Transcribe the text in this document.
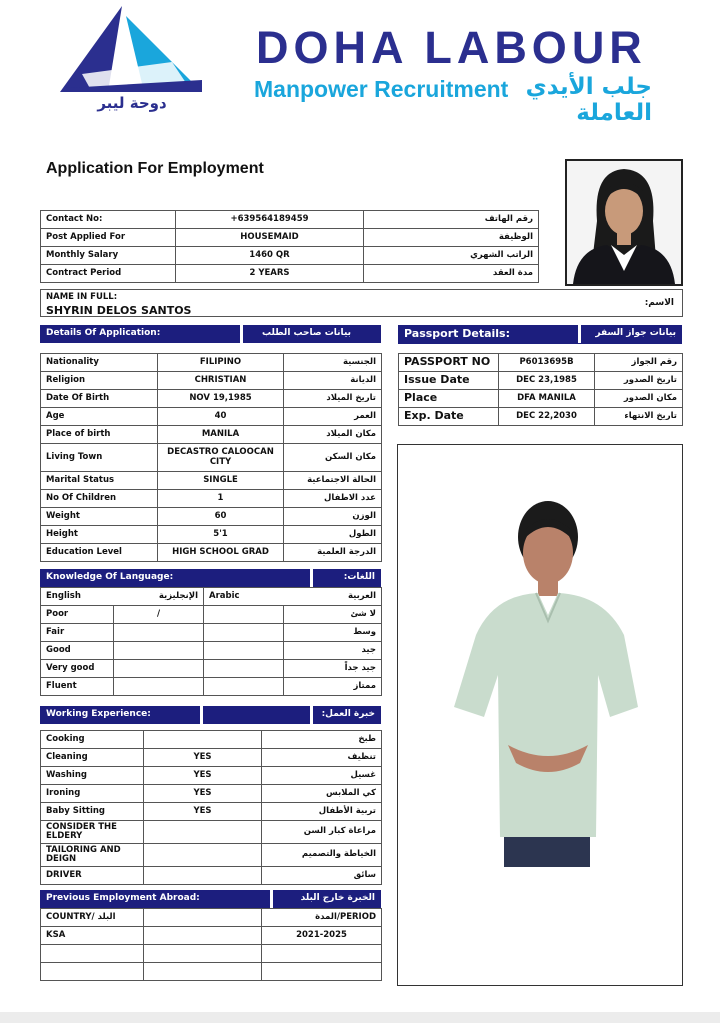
دوحة ليبر
DOHA LABOUR
Manpower Recruitment جلب الأيدي العاملة
Application For Employment
Contact No:	+639564189459	رقم الهاتف
Post Applied For	HOUSEMAID	الوظيفة
Monthly Salary	1460 QR	الراتب الشهري
Contract Period	2 YEARS	مدة العقد
NAME IN FULL:
SHYRIN DELOS SANTOS
الاسم:
Details Of Application:	بيانات صاحب الطلب
Nationality	FILIPINO	الجنسية
Religion	CHRISTIAN	الديانة
Date Of Birth	NOV 19,1985	تاريخ الميلاد
Age	40	العمر
Place of birth	MANILA	مكان الميلاد
Living Town	DECASTRO CALOOCAN CITY	مكان السكن
Marital Status	SINGLE	الحالة الاجتماعية
No Of Children	1	عدد الاطفال
Weight	60	الوزن
Height	5'1	الطول
Education Level	HIGH SCHOOL GRAD	الدرجة العلمية
Passport Details:	بيانات جواز السفر
PASSPORT NO	P6013695B	رقم الجواز
Issue Date	DEC 23,1985	تاريخ الصدور
Place	DFA MANILA	مكان الصدور
Exp. Date	DEC 22,2030	تاريخ الانتهاء
Knowledge Of Language:	اللغات:
English	الإنجليزية	Arabic	العربية
Poor	/		لا شئ
Fair			وسط
Good			جيد
Very good			جيد جداً
Fluent			ممتاز
Working Experience:	خبرة العمل:
Cooking		طبخ
Cleaning	YES	تنظيف
Washing	YES	غسيل
Ironing	YES	كي الملابس
Baby Sitting	YES	تربية الأطفال
CONSIDER THE ELDERY		مراعاة كبار السن
TAILORING AND DEIGN		الخياطة والتصميم
DRIVER		سائق
Previous Employment Abroad:	الخبرة خارج البلد
COUNTRY/ البلد		PERIOD/المدة
KSA		2021-2025
